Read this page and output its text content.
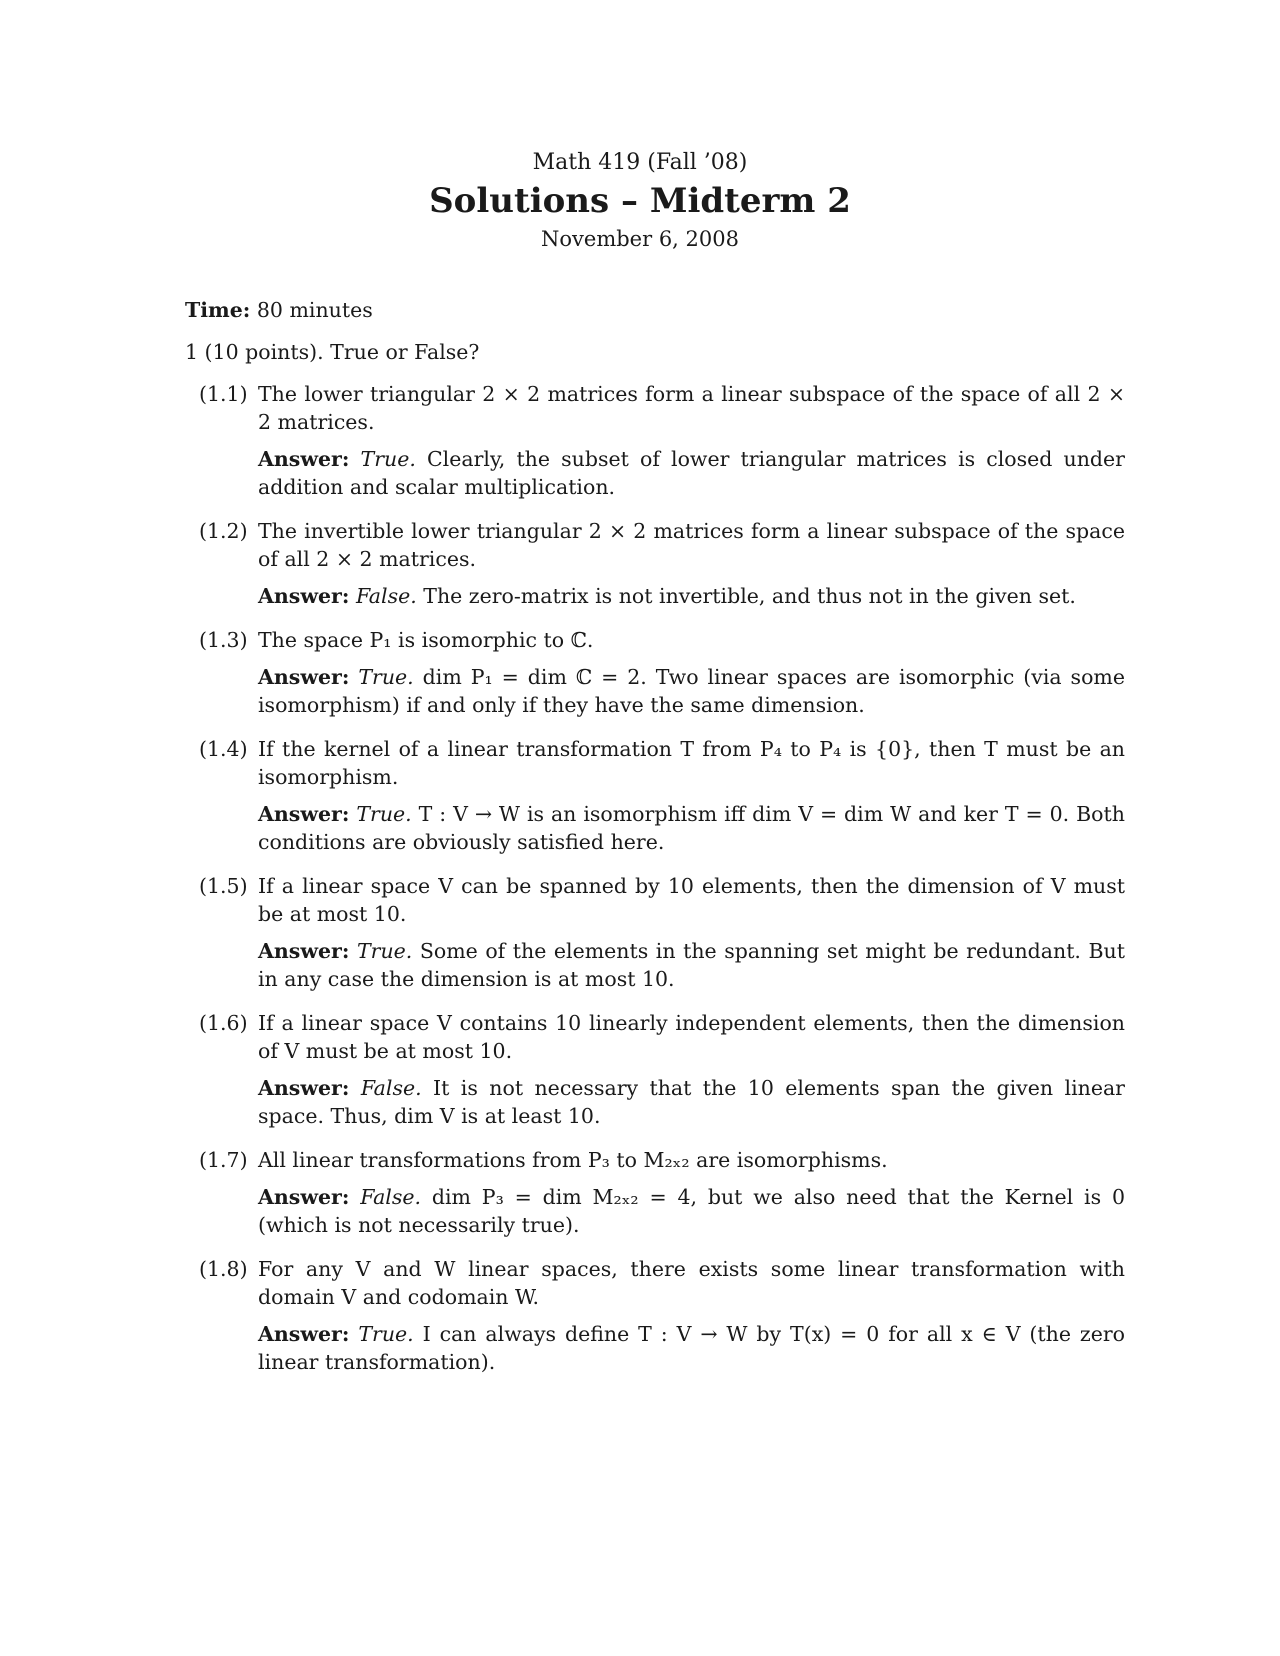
Math 419 (Fall ’08)
Solutions – Midterm 2
November 6, 2008

Time: 80 minutes

1 (10 points). True or False?

(1.1) The lower triangular 2 × 2 matrices form a linear subspace of the space of all 2 × 2 matrices.

Answer: True. Clearly, the subset of lower triangular matrices is closed under addition and scalar multiplication.

(1.2) The invertible lower triangular 2 × 2 matrices form a linear subspace of the space of all 2 × 2 matrices.

Answer: False. The zero-matrix is not invertible, and thus not in the given set.

(1.3) The space P₁ is isomorphic to ℂ.

Answer: True. dim P₁ = dim ℂ = 2. Two linear spaces are isomorphic (via some isomorphism) if and only if they have the same dimension.

(1.4) If the kernel of a linear transformation T from P₄ to P₄ is {0}, then T must be an isomorphism.

Answer: True. T : V → W is an isomorphism iff dim V = dim W and ker T = 0. Both conditions are obviously satisfied here.

(1.5) If a linear space V can be spanned by 10 elements, then the dimension of V must be at most 10.

Answer: True. Some of the elements in the spanning set might be redundant. But in any case the dimension is at most 10.

(1.6) If a linear space V contains 10 linearly independent elements, then the dimension of V must be at most 10.

Answer: False. It is not necessary that the 10 elements span the given linear space. Thus, dim V is at least 10.

(1.7) All linear transformations from P₃ to M₂ₓ₂ are isomorphisms.

Answer: False. dim P₃ = dim M₂ₓ₂ = 4, but we also need that the Kernel is 0 (which is not necessarily true).

(1.8) For any V and W linear spaces, there exists some linear transformation with domain V and codomain W.

Answer: True. I can always define T : V → W by T(x) = 0 for all x ∈ V (the zero linear transformation).
